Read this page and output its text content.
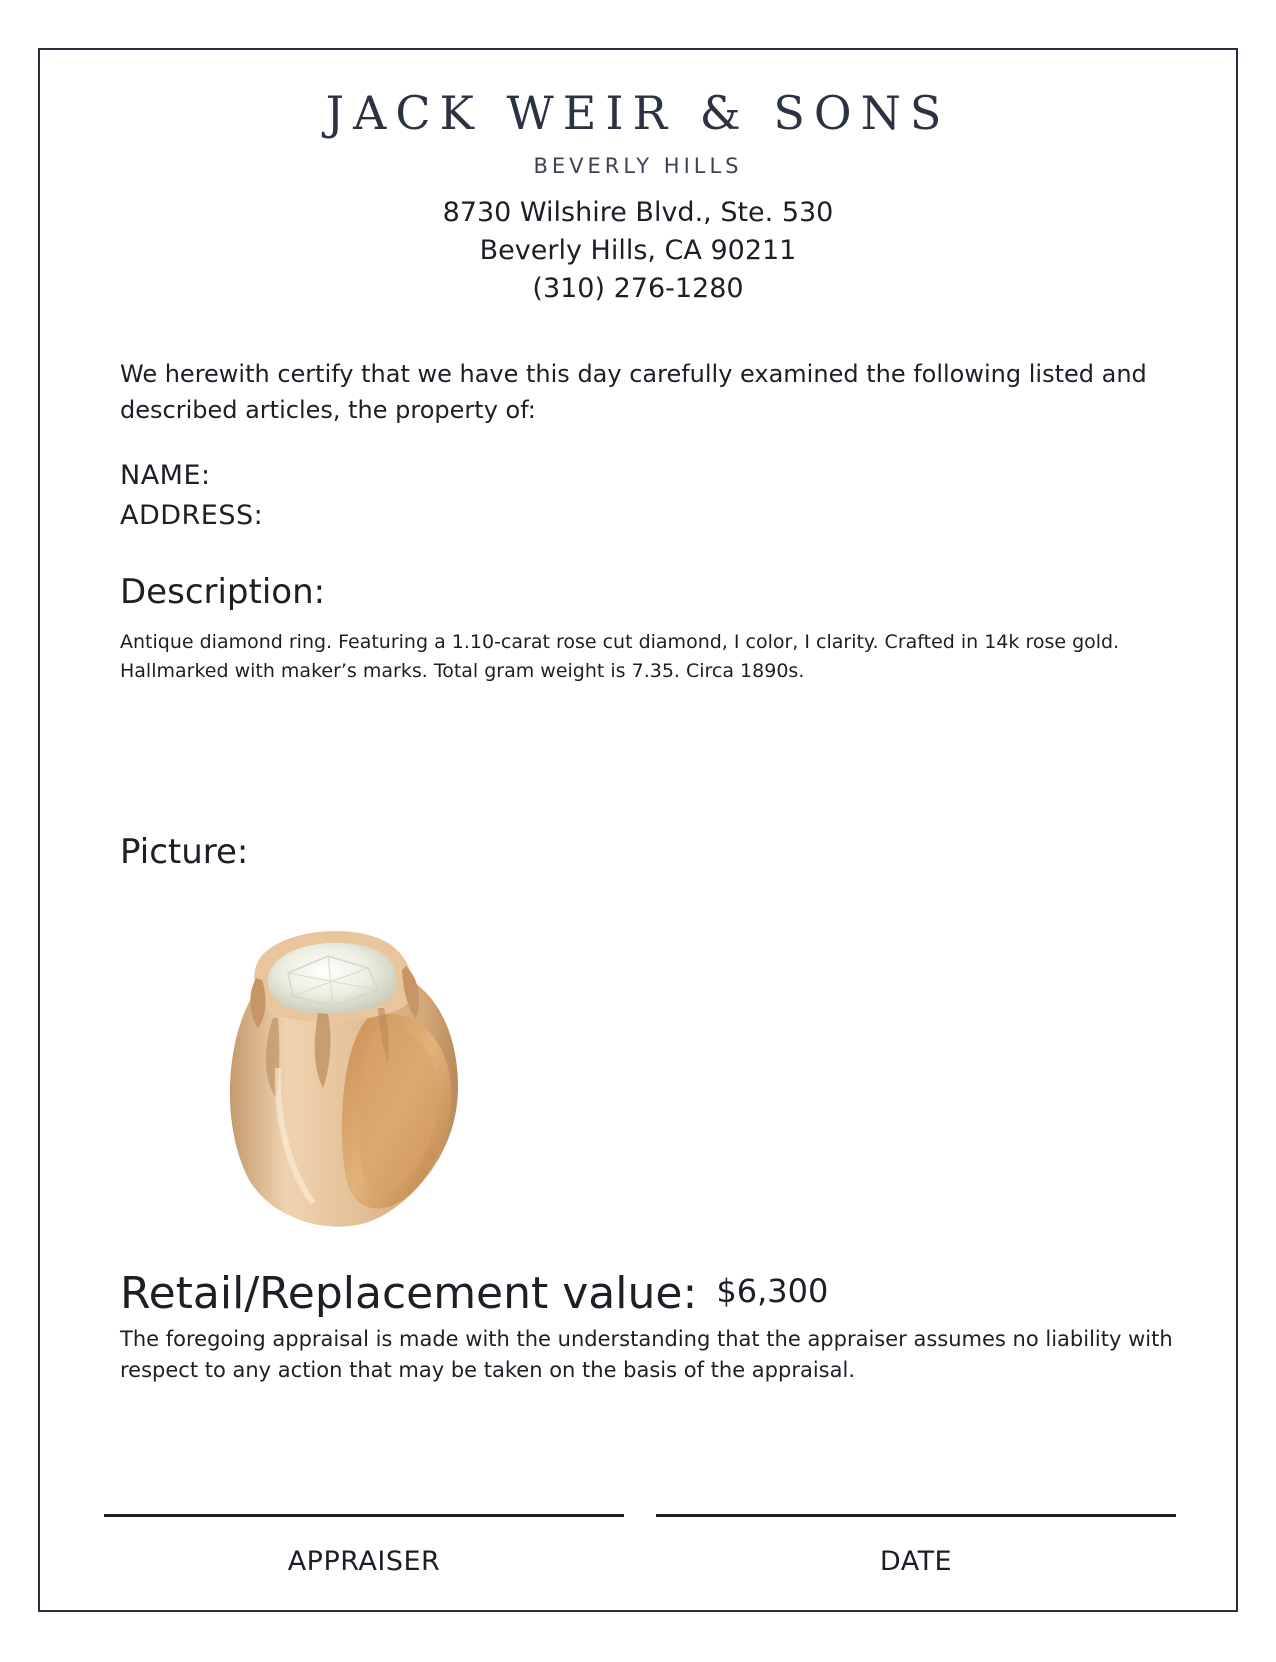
JACK WEIR & SONS
BEVERLY HILLS
8730 Wilshire Blvd., Ste. 530
Beverly Hills, CA 90211
(310) 276-1280
We herewith certify that we have this day carefully examined the following listed and described articles, the property of:
NAME:
ADDRESS:
Description:
Antique diamond ring. Featuring a 1.10-carat rose cut diamond, I color, I clarity. Crafted in 14k rose gold. Hallmarked with maker’s marks. Total gram weight is 7.35. Circa 1890s.
Picture:
Retail/Replacement value: $6,300
The foregoing appraisal is made with the understanding that the appraiser assumes no liability with respect to any action that may be taken on the basis of the appraisal.
APPRAISER	DATE
